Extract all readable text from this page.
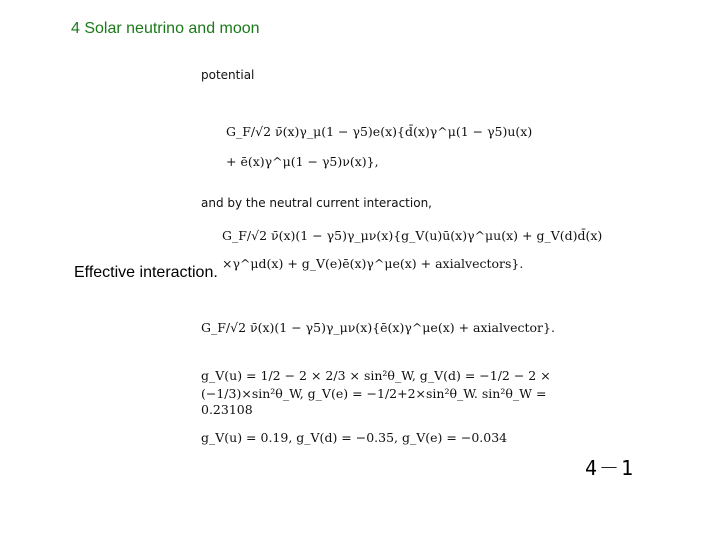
4 Solar neutrino and moon
potential
G_F/√2 ν̄(x)γ_μ(1 − γ5)e(x){d̄(x)γ^μ(1 − γ5)u(x)
+ ē(x)γ^μ(1 − γ5)ν(x)},
and by the neutral current interaction,
G_F/√2 ν̄(x)(1 − γ5)γ_μν(x){g_V(u)ū(x)γ^μu(x) + g_V(d)d̄(x)
×γ^μd(x) + g_V(e)ē(x)γ^μe(x) + axialvectors}.
G_F/√2 ν̄(x)(1 − γ5)γ_μν(x){ē(x)γ^μe(x) + axialvector}.
g_V(u) = 1/2 − 2 × 2/3 × sin²θ_W, g_V(d) = −1/2 − 2 ×
(−1/3)×sin²θ_W, g_V(e) = −1/2+2×sin²θ_W. sin²θ_W =
0.23108
g_V(u) = 0.19, g_V(d) = −0.35, g_V(e) = −0.034
Effective interaction.
4－1
